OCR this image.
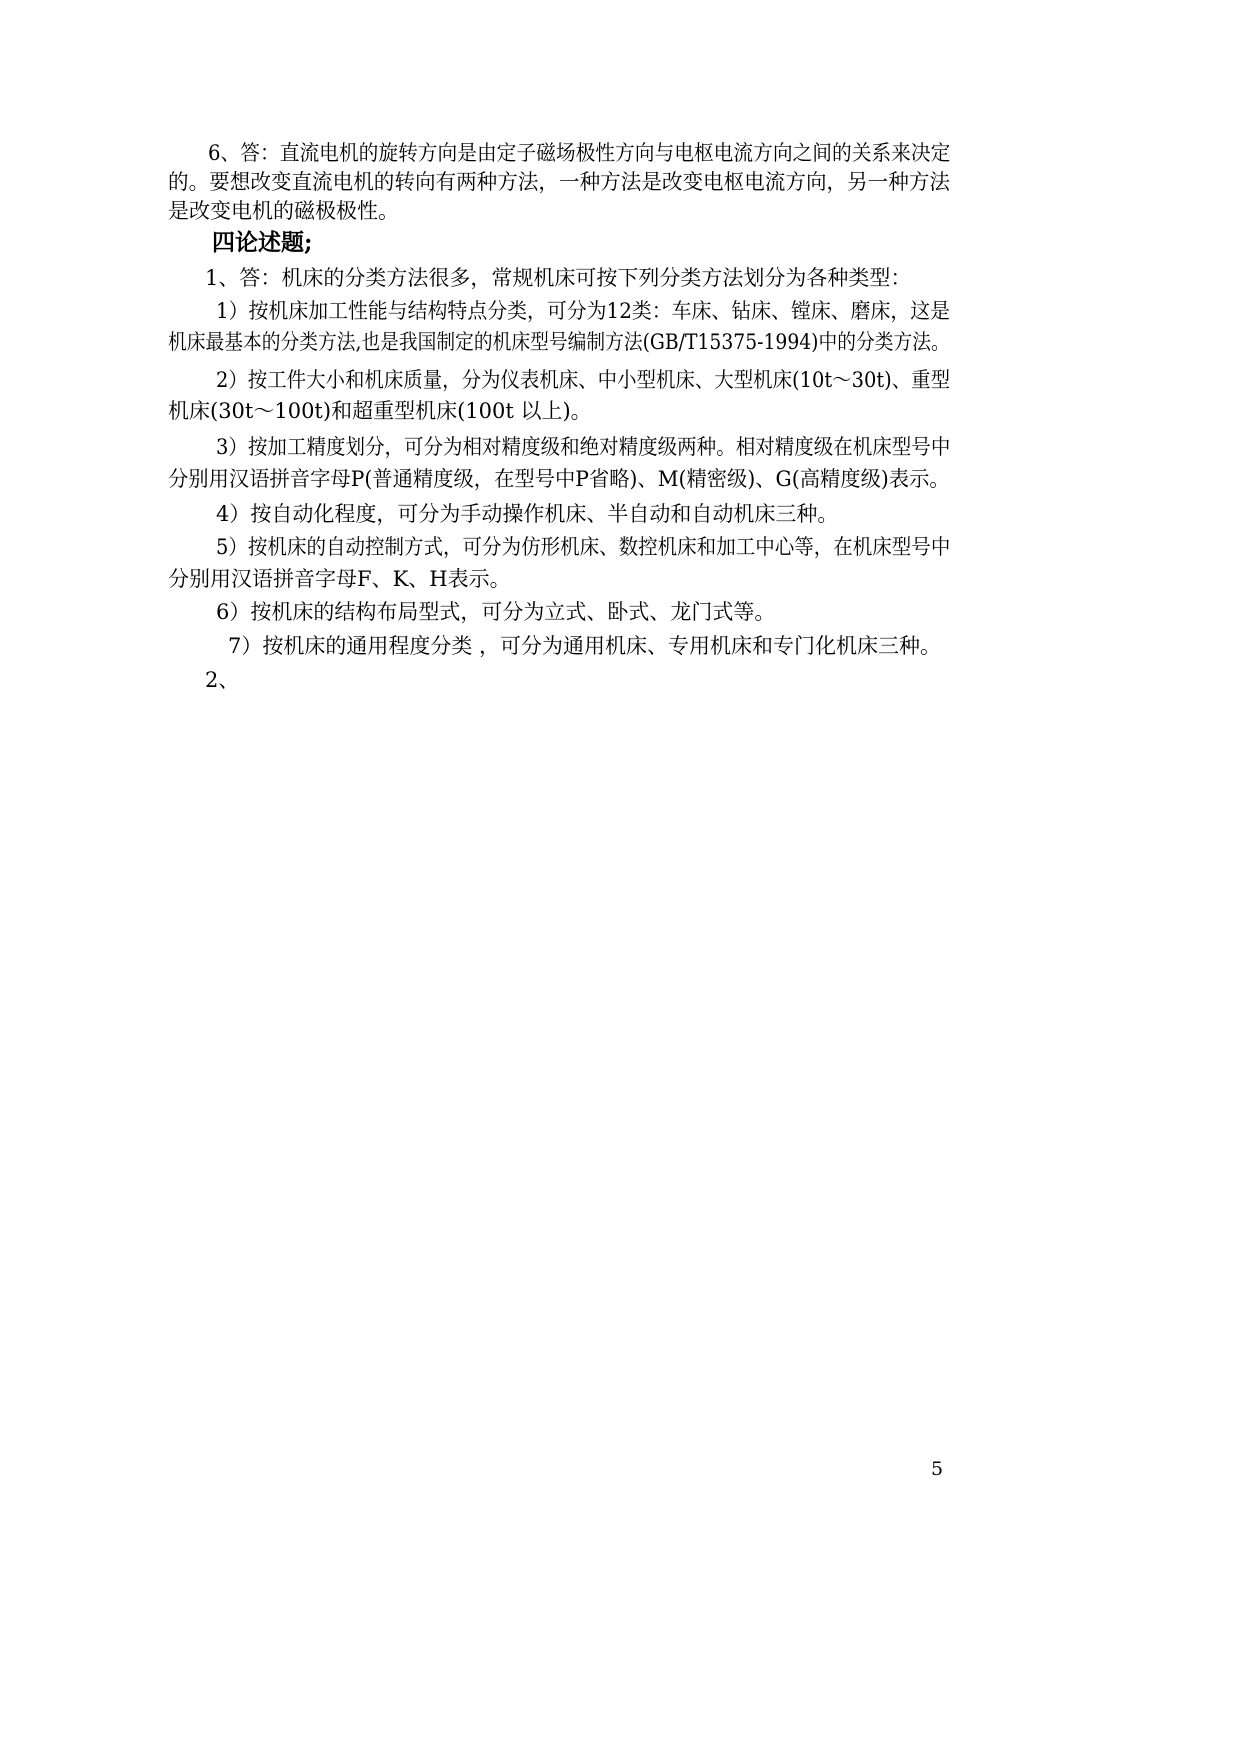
6、答：直流电机的旋转方向是由定子磁场极性方向与电枢电流方向之间的关系来决定
的。要想改变直流电机的转向有两种方法，一种方法是改变电枢电流方向，另一种方法
是改变电机的磁极极性。
四论述题;
1、答：机床的分类方法很多，常规机床可按下列分类方法划分为各种类型：
1）按机床加工性能与结构特点分类，可分为12类：车床、钻床、镗床、磨床，这是
机床最基本的分类方法,也是我国制定的机床型号编制方法(GB/T15375-1994)中的分类方法。
2）按工件大小和机床质量，分为仪表机床、中小型机床、大型机床(10t～30t)、重型
机床(30t～100t)和超重型机床(100t 以上)。
3）按加工精度划分，可分为相对精度级和绝对精度级两种。相对精度级在机床型号中
分别用汉语拼音字母P(普通精度级，在型号中P省略)、M(精密级)、G(高精度级)表示。
4）按自动化程度，可分为手动操作机床、半自动和自动机床三种。
5）按机床的自动控制方式，可分为仿形机床、数控机床和加工中心等，在机床型号中
分别用汉语拼音字母F、K、H表示。
6）按机床的结构布局型式，可分为立式、卧式、龙门式等。
7）按机床的通用程度分类 ，可分为通用机床、专用机床和专门化机床三种。
2、
5
